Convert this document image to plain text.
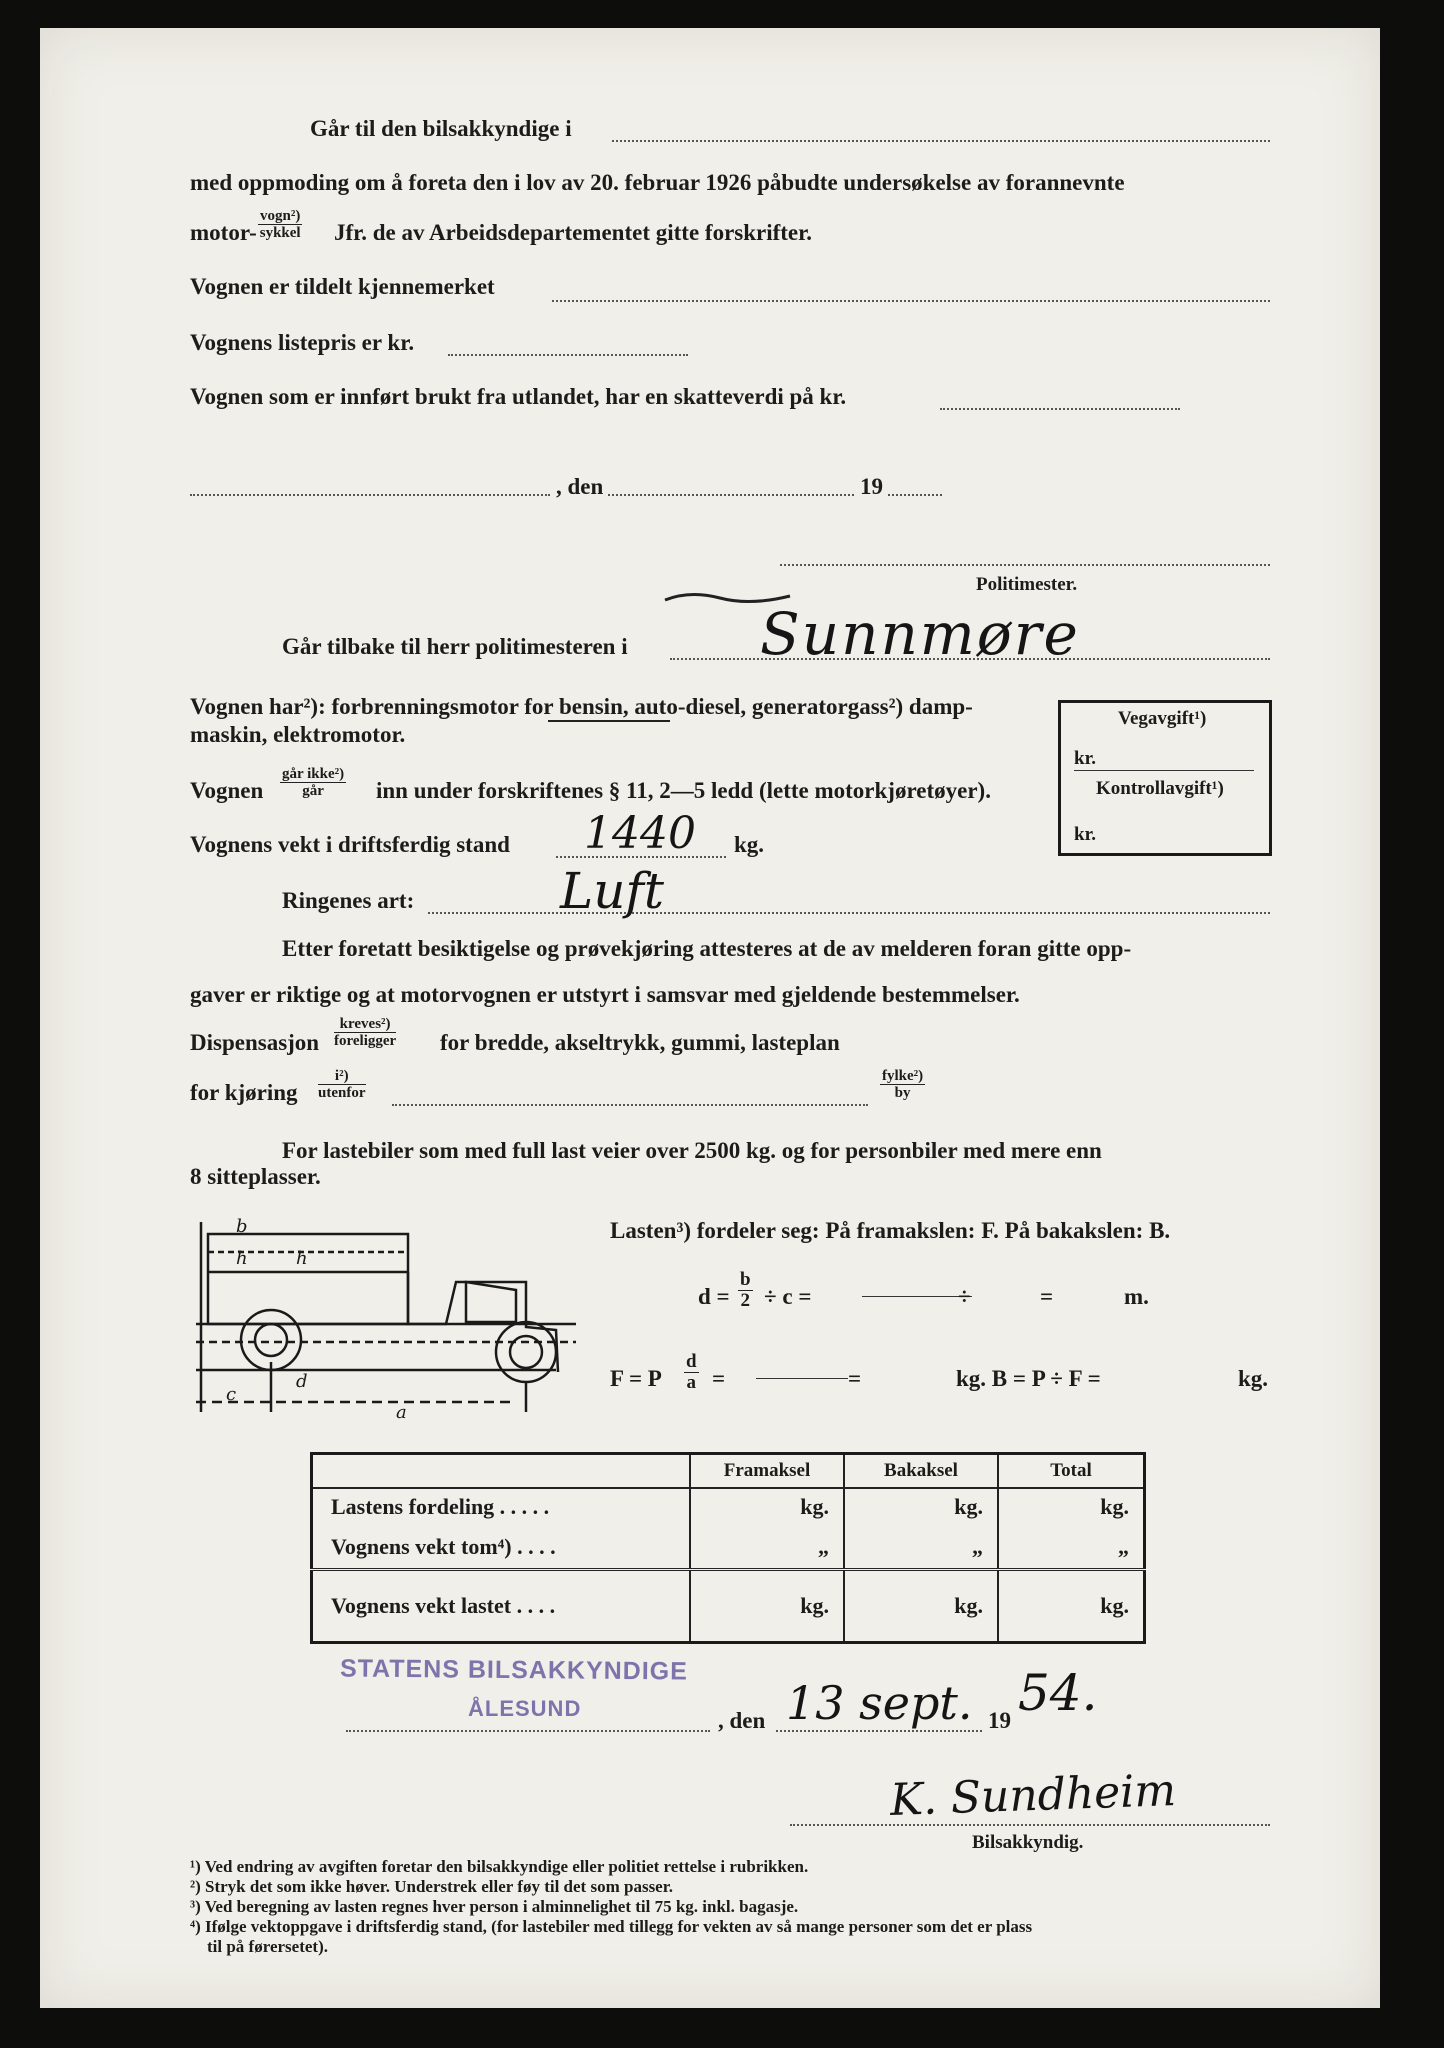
Går til den bilsakkyndige i
med oppmoding om å foreta den i lov av 20. februar 1926 påbudte undersøkelse av forannevnte
motor-
vogn²)
sykkel Jfr. de av Arbeidsdepartementet gitte forskrifter.
Vognen er tildelt kjennemerket
Vognens listepris er kr.
Vognen som er innført brukt fra utlandet, har en skatteverdi på kr.
, den	19
Politimester.
Går tilbake til herr politimesteren i Sunnmøre
Vognen har²): forbrenningsmotor for bensin, auto-diesel, generatorgass²) damp-
maskin, elektromotor.
Vognen
går ikke²)
går	inn under forskriftenes § 11, 2—5 ledd (lette motorkjøretøyer).
Vognens vekt i driftsferdig stand 1440 kg.
Ringenes art:	Luft
Etter foretatt besiktigelse og prøvekjøring attesteres at de av melderen foran gitte opp-
gaver er riktige og at motorvognen er utstyrt i samsvar med gjeldende bestemmelser.
Dispensasjon
kreves²)
foreligger for bredde, akseltrykk, gummi, lasteplan
for kjøring
i²)
utenfor
fylke²)
by
For lastebiler som med full last veier over 2500 kg. og for personbiler med mere enn
8 sitteplasser.
Vegavgift¹)
kr.
Kontrollavgift¹)
kr.
b
h	h
c
a
d
Lasten³) fordeler seg: På framakslen: F. På bakakslen: B.
$d = \frac{b}{2} \div c$ =	÷	=	m.
F = P $\frac{d}{a}$ =	=	kg. B = P ÷ F =	kg.
	Framaksel	Bakaksel	Total
Lastens fordeling . . . . .	kg.	kg.	kg.
Vognens vekt tom⁴) . . . .	„	„	„
Vognens vekt lastet . . . .	kg.	kg.	kg.
STATENS BILSAKKYNDIGE
ÅLESUND	, den 13 sept. 19 54.
K. Sundheim
Bilsakkyndig.
¹) Ved endring av avgiften foretar den bilsakkyndige eller politiet rettelse i rubrikken.
²) Stryk det som ikke høver. Understrek eller føy til det som passer.
³) Ved beregning av lasten regnes hver person i alminnelighet til 75 kg. inkl. bagasje.
⁴) Ifølge vektoppgave i driftsferdig stand, (for lastebiler med tillegg for vekten av så mange personer som det er plass
til på førersetet).
